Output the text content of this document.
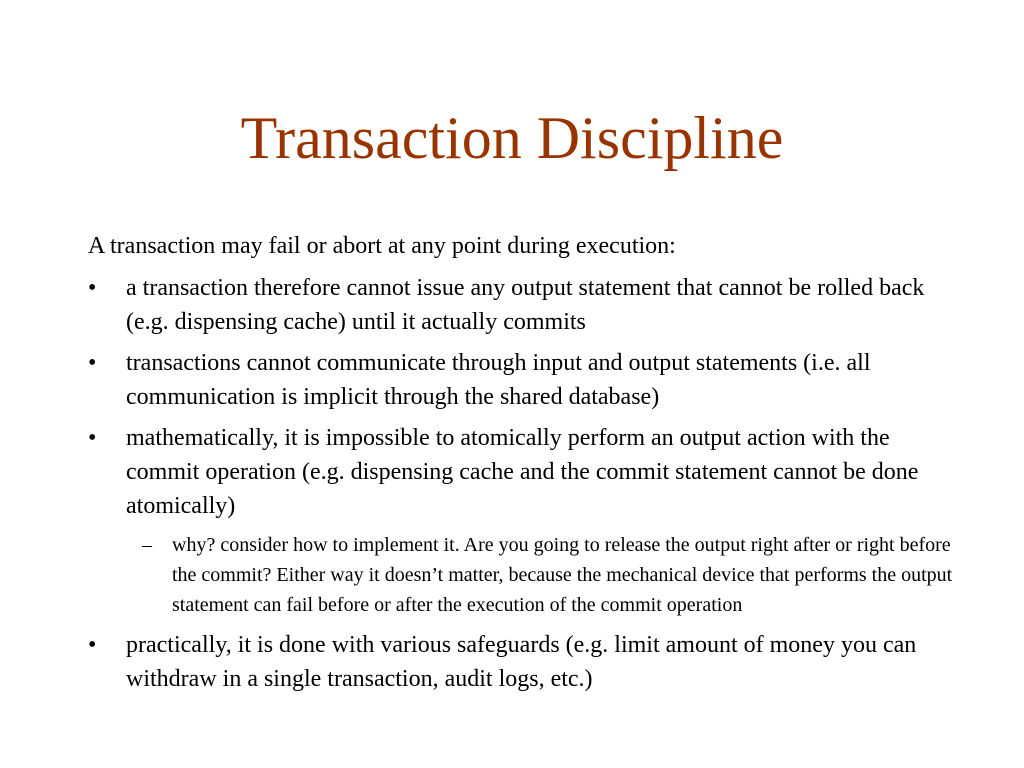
Transaction Discipline

A transaction may fail or abort at any point during execution:

•	a transaction therefore cannot issue any output statement that cannot be rolled back (e.g. dispensing cache) until it actually commits
•	transactions cannot communicate through input and output statements (i.e. all communication is implicit through the shared database)
•	mathematically, it is impossible to atomically perform an output action with the commit operation (e.g. dispensing cache and the commit statement cannot be done atomically)
– why? consider how to implement it. Are you going to release the output right after or right before the commit? Either way it doesn’t matter, because the mechanical device that performs the output statement can fail before or after the execution of the commit operation
•	practically, it is done with various safeguards (e.g. limit amount of money you can withdraw in a single transaction, audit logs, etc.)
